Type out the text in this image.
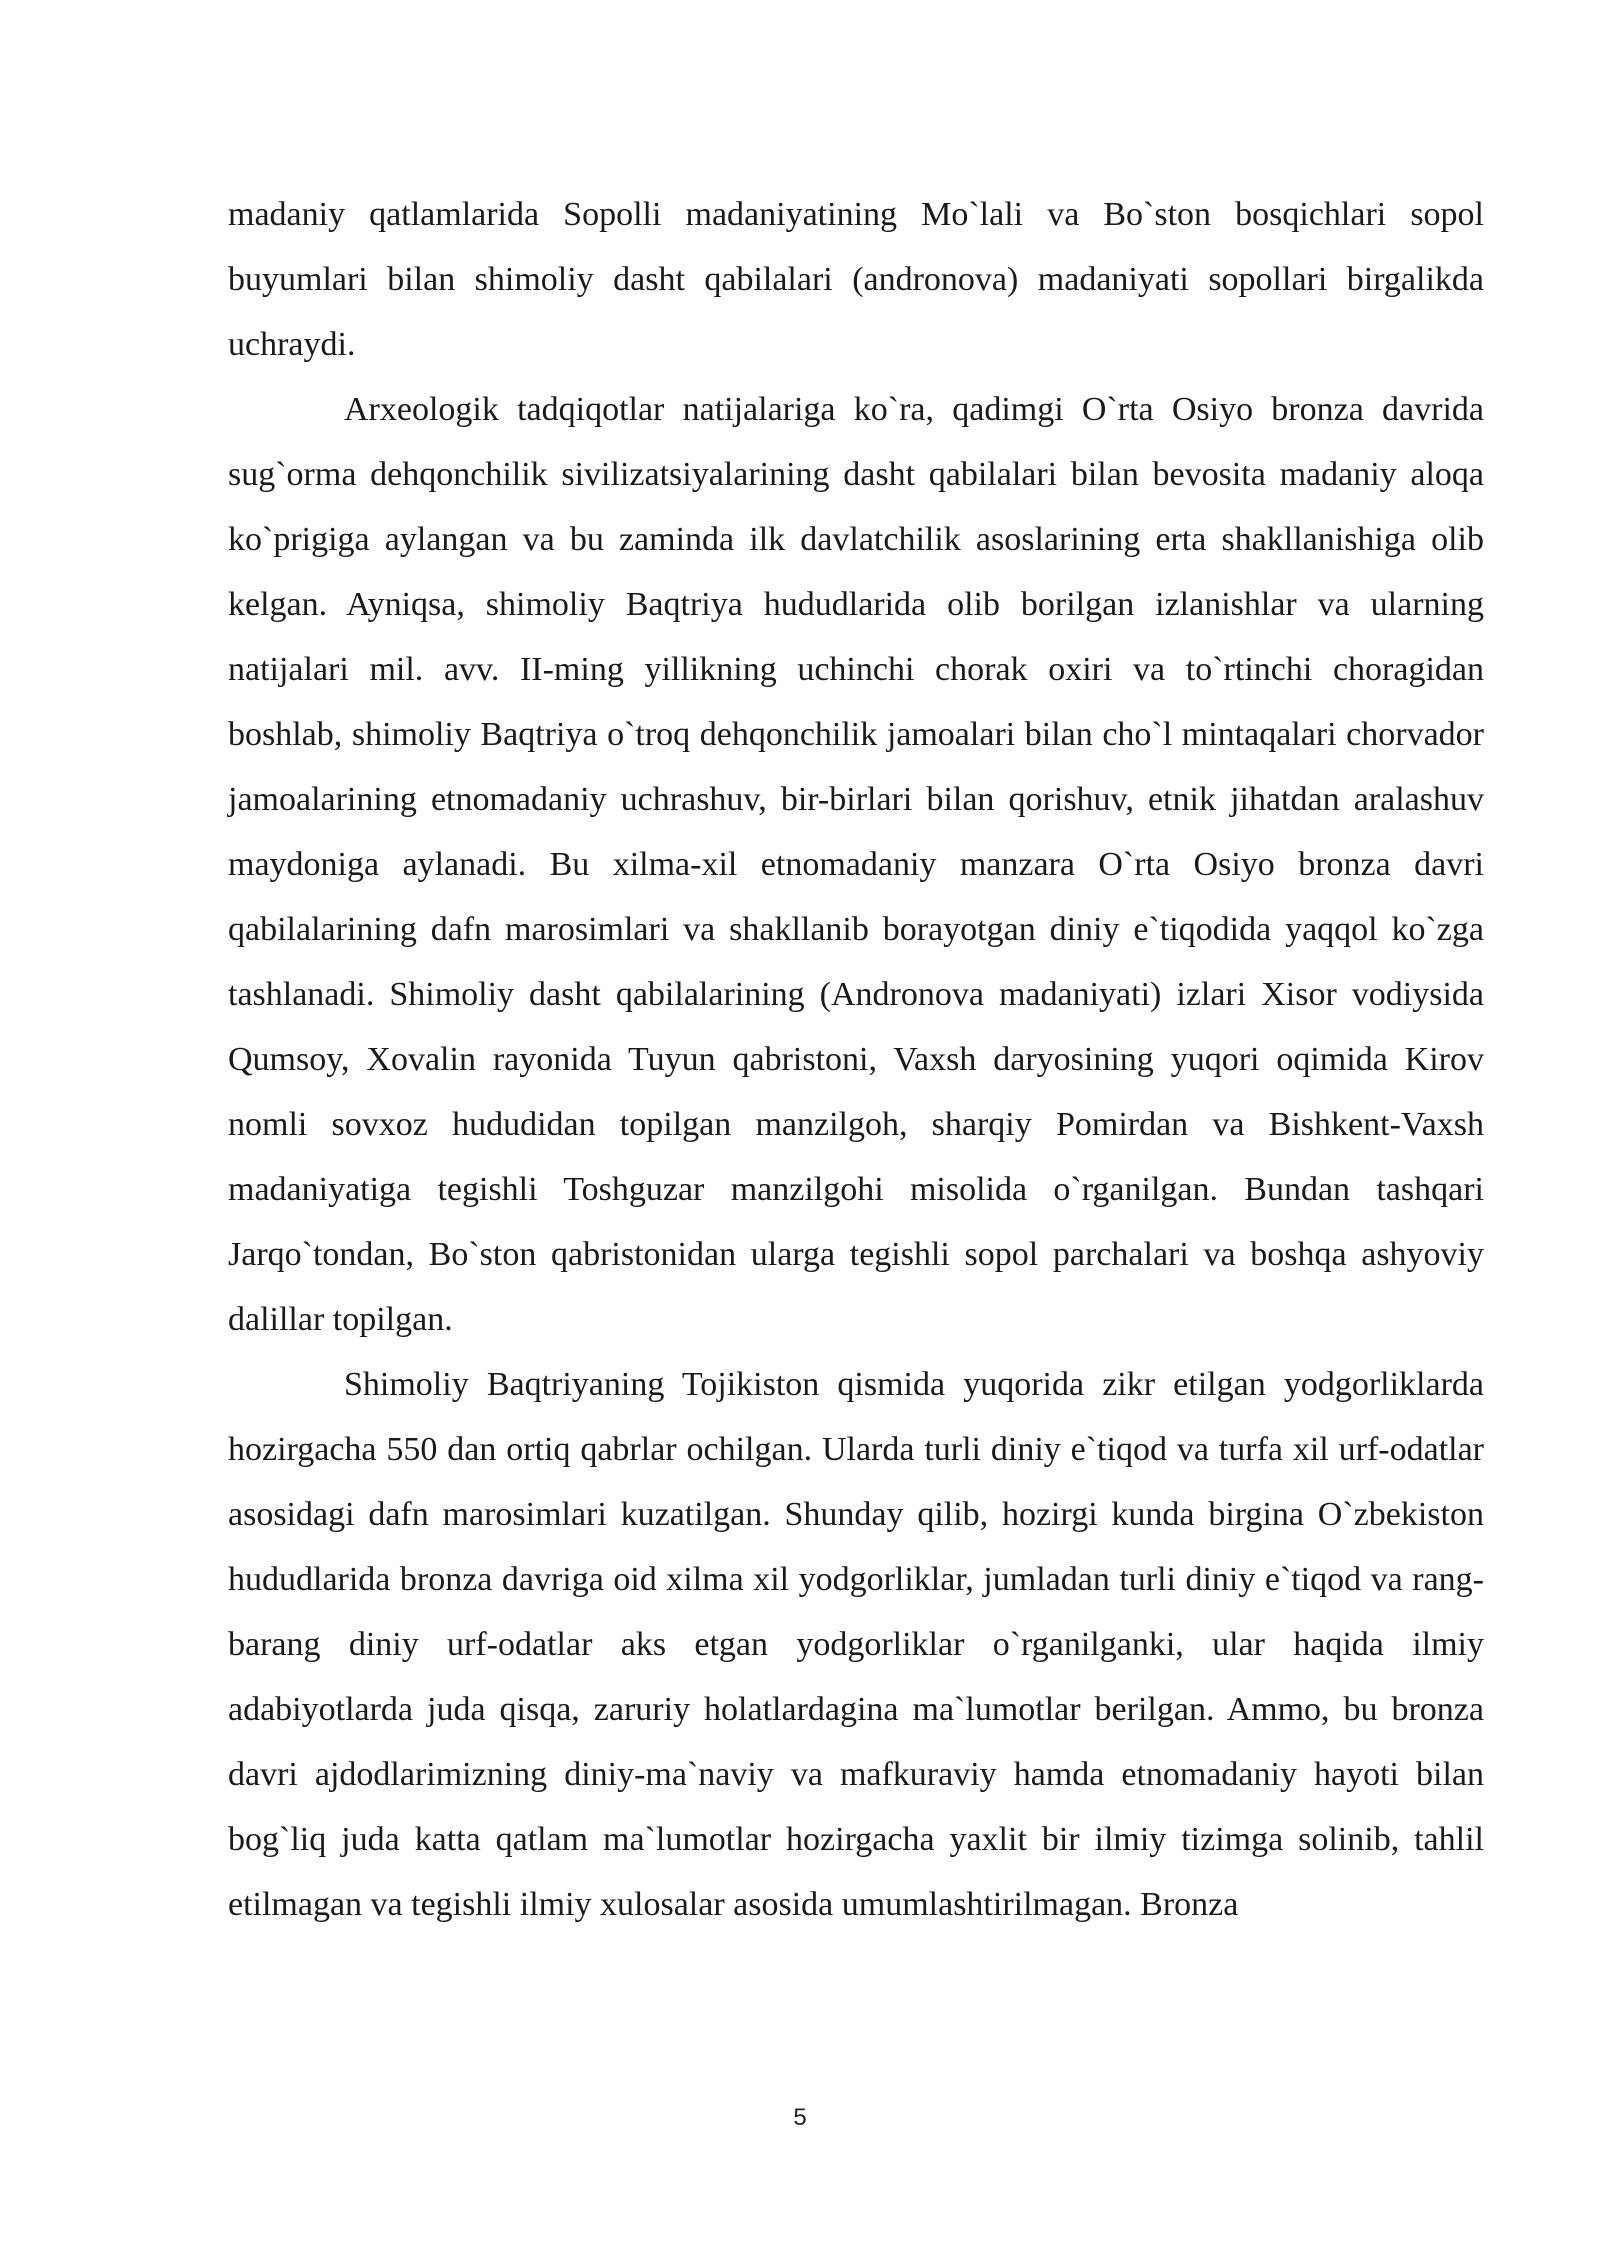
madaniy qatlamlarida Sopolli madaniyatining Mo`lali va Bo`ston bosqichlari sopol buyumlari bilan shimoliy dasht qabilalari (andronova) madaniyati sopollari birgalikda uchraydi.

Arxeologik tadqiqotlar natijalariga ko`ra, qadimgi O`rta Osiyo bronza davrida sug`orma dehqonchilik sivilizatsiyalarining dasht qabilalari bilan bevosita madaniy aloqa ko`prigiga aylangan va bu zaminda ilk davlatchilik asoslarining erta shakllanishiga olib kelgan. Ayniqsa, shimoliy Baqtriya hududlarida olib borilgan izlanishlar va ularning natijalari mil. avv. II-ming yillikning uchinchi chorak oxiri va to`rtinchi choragidan boshlab, shimoliy Baqtriya o`troq dehqonchilik jamoalari bilan cho`l mintaqalari chorvador jamoalarining etnomadaniy uchrashuv, bir-birlari bilan qorishuv, etnik jihatdan aralashuv maydoniga aylanadi. Bu xilma-xil etnomadaniy manzara O`rta Osiyo bronza davri qabilalarining dafn marosimlari va shakllanib borayotgan diniy e`tiqodida yaqqol ko`zga tashlanadi. Shimoliy dasht qabilalarining (Andronova madaniyati) izlari Xisor vodiysida Qumsoy, Xovalin rayonida Tuyun qabristoni, Vaxsh daryosining yuqori oqimida Kirov nomli sovxoz hududidan topilgan manzilgoh, sharqiy Pomirdan va Bishkent-Vaxsh madaniyatiga tegishli Toshguzar manzilgohi misolida o`rganilgan. Bundan tashqari Jarqo`tondan, Bo`ston qabristonidan ularga tegishli sopol parchalari va boshqa ashyoviy dalillar topilgan.

Shimoliy Baqtriyaning Tojikiston qismida yuqorida zikr etilgan yodgorliklarda hozirgacha 550 dan ortiq qabrlar ochilgan. Ularda turli diniy e`tiqod va turfa xil urf-odatlar asosidagi dafn marosimlari kuzatilgan. Shunday qilib, hozirgi kunda birgina O`zbekiston hududlarida bronza davriga oid xilma xil yodgorliklar, jumladan turli diniy e`tiqod va rang-barang diniy urf-odatlar aks etgan yodgorliklar o`rganilganki, ular haqida ilmiy adabiyotlarda juda qisqa, zaruriy holatlardagina ma`lumotlar berilgan. Ammo, bu bronza davri ajdodlarimizning diniy-ma`naviy va mafkuraviy hamda etnomadaniy hayoti bilan bog`liq juda katta qatlam ma`lumotlar hozirgacha yaxlit bir ilmiy tizimga solinib, tahlil etilmagan va tegishli ilmiy xulosalar asosida umumlashtirilmagan. Bronza

5
